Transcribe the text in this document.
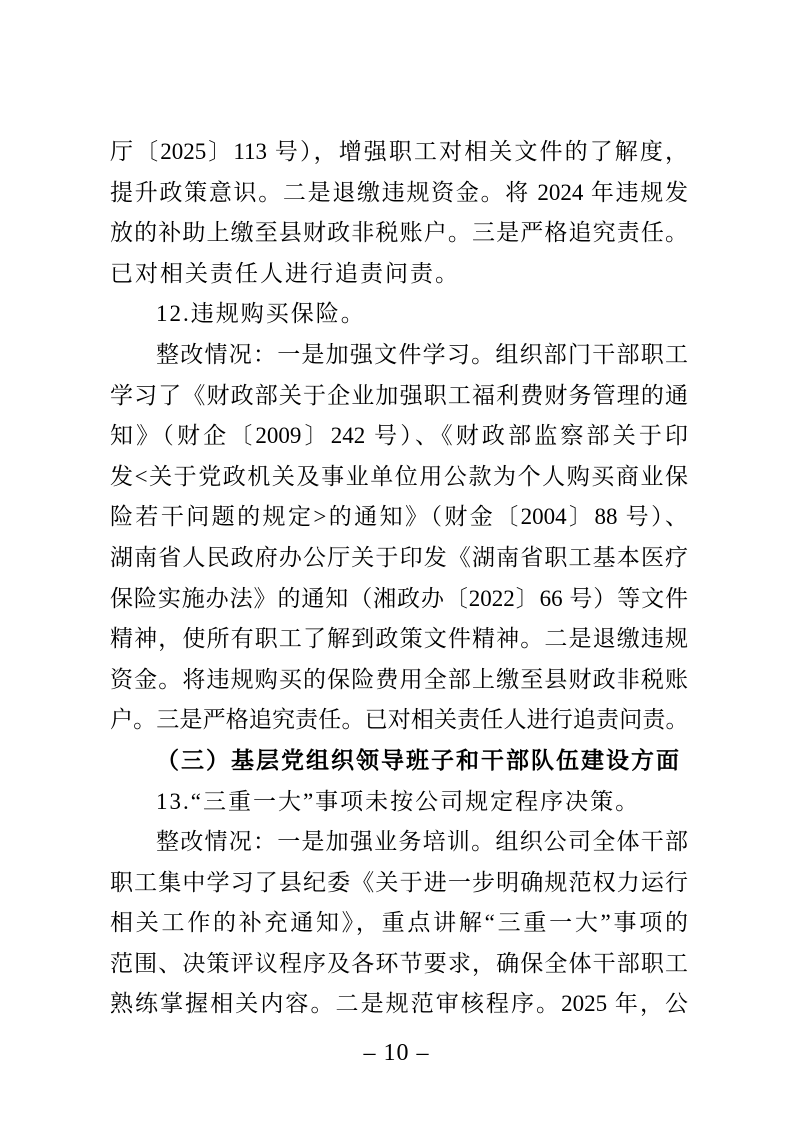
厅〔2025〕113 号），增强职工对相关文件的了解度，
提升政策意识。二是退缴违规资金。将 2024 年违规发
放的补助上缴至县财政非税账户。三是严格追究责任。
已对相关责任人进行追责问责。
12.违规购买保险。
整改情况：一是加强文件学习。组织部门干部职工
学习了《财政部关于企业加强职工福利费财务管理的通
知》（财企〔2009〕242 号）、《财政部监察部关于印
发<关于党政机关及事业单位用公款为个人购买商业保
险若干问题的规定>的通知》（财金〔2004〕88 号）、
湖南省人民政府办公厅关于印发《湖南省职工基本医疗
保险实施办法》的通知（湘政办〔2022〕66 号）等文件
精神，使所有职工了解到政策文件精神。二是退缴违规
资金。将违规购买的保险费用全部上缴至县财政非税账
户。三是严格追究责任。已对相关责任人进行追责问责。
（三）基层党组织领导班子和干部队伍建设方面
13.“三重一大”事项未按公司规定程序决策。
整改情况：一是加强业务培训。组织公司全体干部
职工集中学习了县纪委《关于进一步明确规范权力运行
相关工作的补充通知》，重点讲解“三重一大”事项的
范围、决策评议程序及各环节要求，确保全体干部职工
熟练掌握相关内容。二是规范审核程序。2025 年，公
– 10 –
